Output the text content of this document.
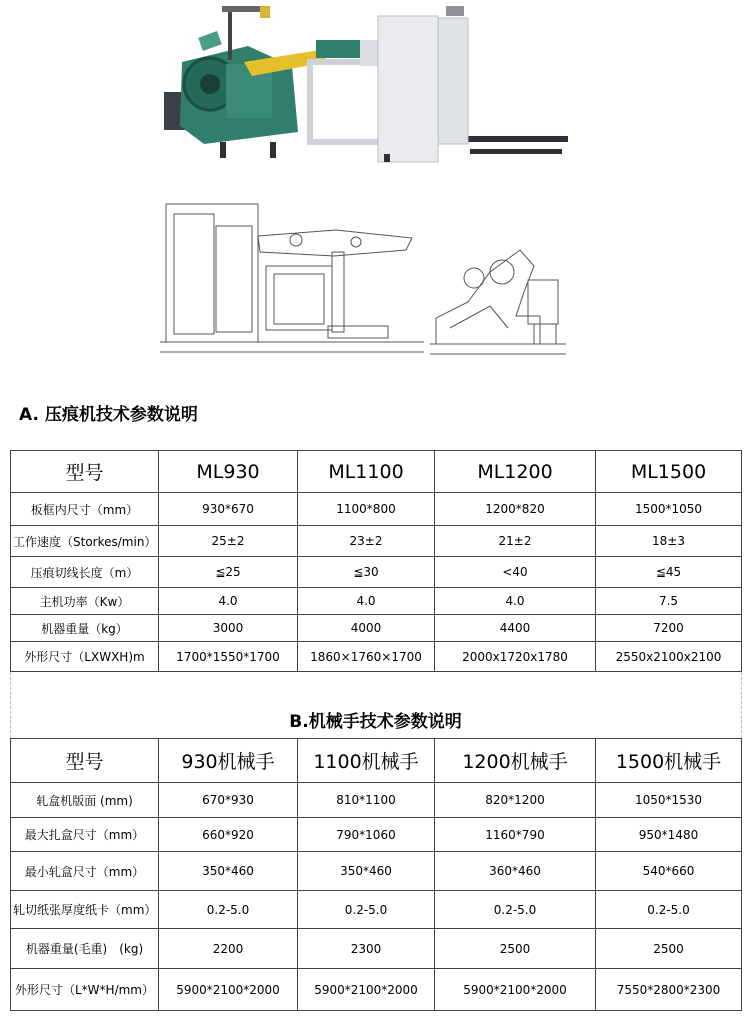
A. 压痕机技术参数说明
型号	ML930	ML1100	ML1200	ML1500
板框内尺寸（mm）	930*670	1100*800	1200*820	1500*1050
工作速度（Storkes/min）	25±2	23±2	21±2	18±3
压痕切线长度（m）	≦25	≦30	<40	≦45
主机功率（Kw）	4.0	4.0	4.0	7.5
机器重量（kg）	3000	4000	4400	7200
外形尺寸（LXWXH)m	1700*1550*1700	1860×1760×1700	2000x1720x1780	2550x2100x2100
B.机械手技术参数说明
型号	930机械手	1100机械手	1200机械手	1500机械手
轧盒机版面 (mm)	670*930	810*1100	820*1200	1050*1530
最大扎盒尺寸（mm）	660*920	790*1060	1160*790	950*1480
最小轧盒尺寸（mm）	350*460	350*460	360*460	540*660
轧切纸张厚度纸卡（mm）	0.2-5.0	0.2-5.0	0.2-5.0	0.2-5.0
机器重量(毛重)　(kg)	2200	2300	2500	2500
外形尺寸（L*W*H/mm）	5900*2100*2000	5900*2100*2000	5900*2100*2000	7550*2800*2300
